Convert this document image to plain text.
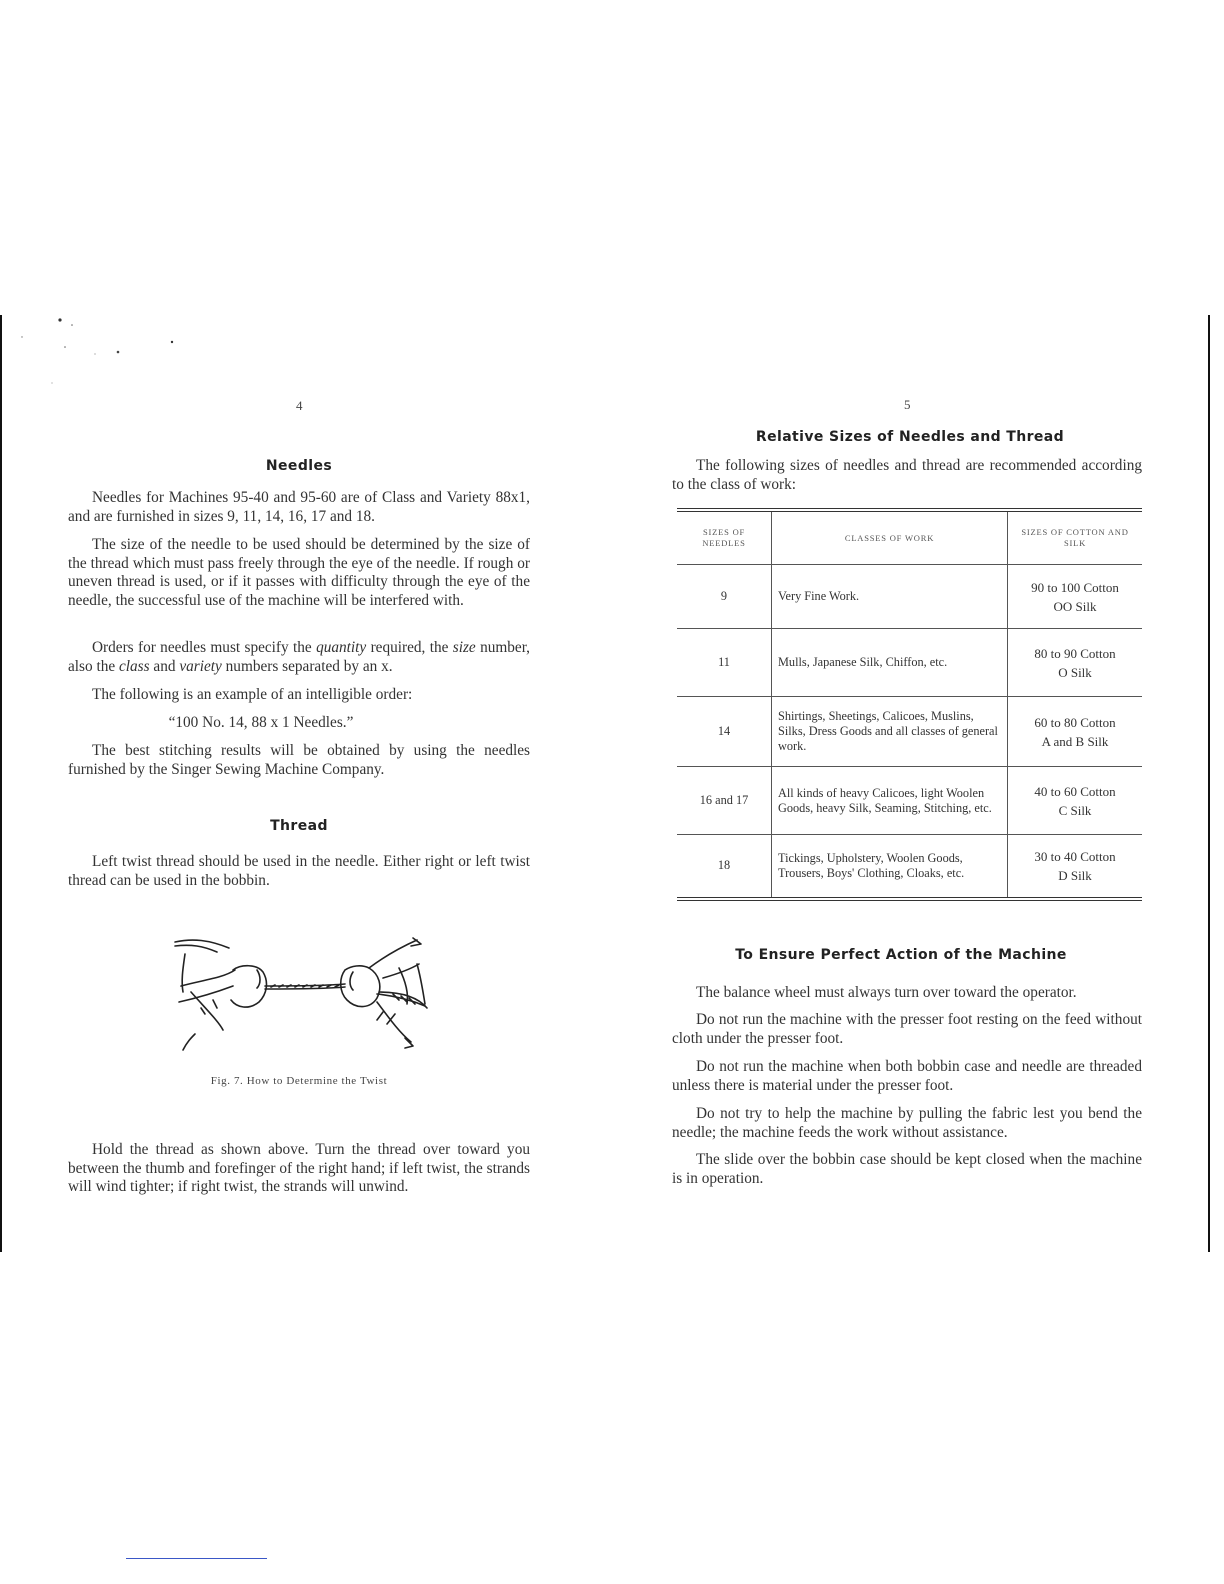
4
Needles

Needles for Machines 95-40 and 95-60 are of Class and Variety 88x1, and are furnished in sizes 9, 11, 14, 16, 17 and 18.

The size of the needle to be used should be determined by the size of the thread which must pass freely through the eye of the needle. If rough or uneven thread is used, or if it passes with difficulty through the eye of the needle, the successful use of the machine will be interfered with.

Orders for needles must specify the quantity required, the size number, also the class and variety numbers separated by an x.

The following is an example of an intelligible order:

“100 No. 14, 88 x 1 Needles.”

The best stitching results will be obtained by using the needles furnished by the Singer Sewing Machine Company.

Thread

Left twist thread should be used in the needle. Either right or left twist thread can be used in the bobbin.

Fig. 7. How to Determine the Twist

Hold the thread as shown above. Turn the thread over toward you between the thumb and forefinger of the right hand; if left twist, the strands will wind tighter; if right twist, the strands will unwind.

5
Relative Sizes of Needles and Thread

The following sizes of needles and thread are recommended according to the class of work:

SIZES OF NEEDLES	CLASSES OF WORK	SIZES OF COTTON AND SILK
9	Very Fine Work.	90 to 100 Cotton
OO Silk

11	Mulls, Japanese Silk, Chiffon, etc.	80 to 90 Cotton
O Silk

14	Shirtings, Sheetings, Calicoes, Muslins, Silks, Dress Goods and all classes of general work.	60 to 80 Cotton
A and B Silk

16 and 17	All kinds of heavy Calicoes, light Woolen Goods, heavy Silk, Seaming, Stitching, etc.	40 to 60 Cotton
C Silk

18	Tickings, Upholstery, Woolen Goods, Trousers, Boys' Clothing, Cloaks, etc.	30 to 40 Cotton
D Silk
To Ensure Perfect Action of the Machine

The balance wheel must always turn over toward the operator.

Do not run the machine with the presser foot resting on the feed without cloth under the presser foot.

Do not run the machine when both bobbin case and needle are threaded unless there is material under the presser foot.

Do not try to help the machine by pulling the fabric lest you bend the needle; the machine feeds the work without assistance.

The slide over the bobbin case should be kept closed when the machine is in operation.
